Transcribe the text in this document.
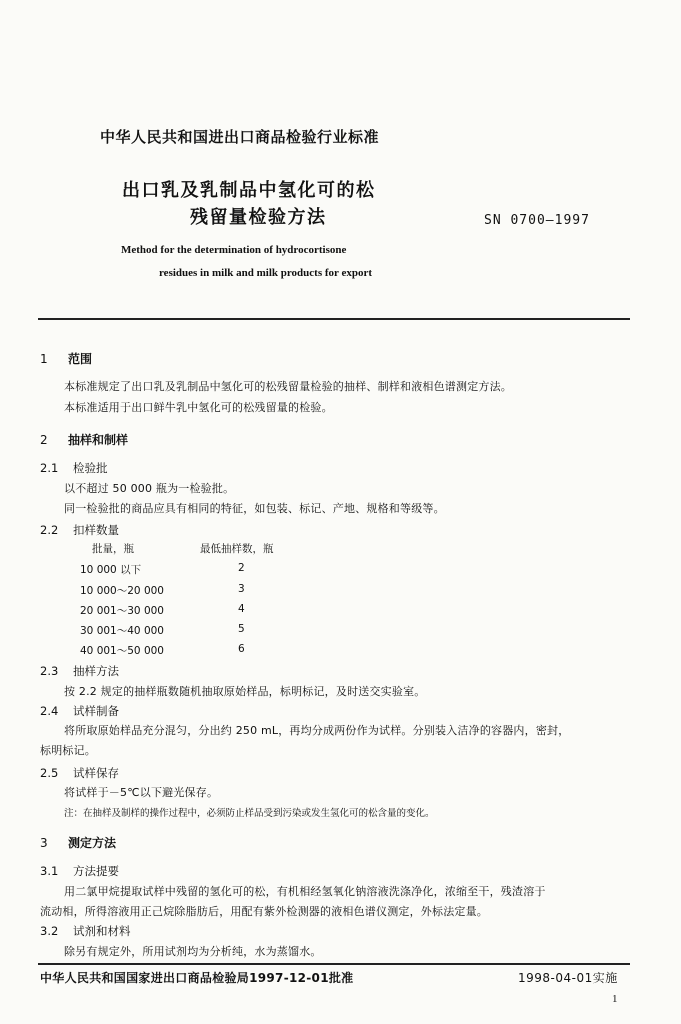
中华人民共和国进出口商品检验行业标准
出口乳及乳制品中氢化可的松
残留量检验方法	SN 0700—1997
Method for the determination of hydrocortisone
residues in milk and milk products for export
1 范围
本标准规定了出口乳及乳制品中氢化可的松残留量检验的抽样、制样和液相色谱测定方法。
本标准适用于出口鲜牛乳中氢化可的松残留量的检验。
2 抽样和制样
2.1 检验批
以不超过 50 000 瓶为一检验批。
同一检验批的商品应具有相同的特征，如包装、标记、产地、规格和等级等。
2.2 扣样数量
批量，瓶	最低抽样数，瓶
10 000 以下	2
10 000～20 000	3
20 001～30 000	4
30 001～40 000	5
40 001～50 000	6
2.3 抽样方法
按 2.2 规定的抽样瓶数随机抽取原始样品，标明标记，及时送交实验室。
2.4 试样制备
将所取原始样品充分混匀，分出约 250 mL，再均分成两份作为试样。分别装入洁净的容器内，密封，
标明标记。
2.5 试样保存
将试样于－5℃以下避光保存。
注：在抽样及制样的操作过程中，必须防止样品受到污染或发生氢化可的松含量的变化。
3 测定方法
3.1 方法提要
用二氯甲烷提取试样中残留的氢化可的松，有机相经氢氧化钠溶液洗涤净化，浓缩至干，残渣溶于
流动相，所得溶液用正己烷除脂肪后，用配有紫外检测器的液相色谱仪测定，外标法定量。
3.2 试剂和材料
除另有规定外，所用试剂均为分析纯，水为蒸馏水。
中华人民共和国国家进出口商品检验局1997-12-01批准	1998-04-01实施
1
